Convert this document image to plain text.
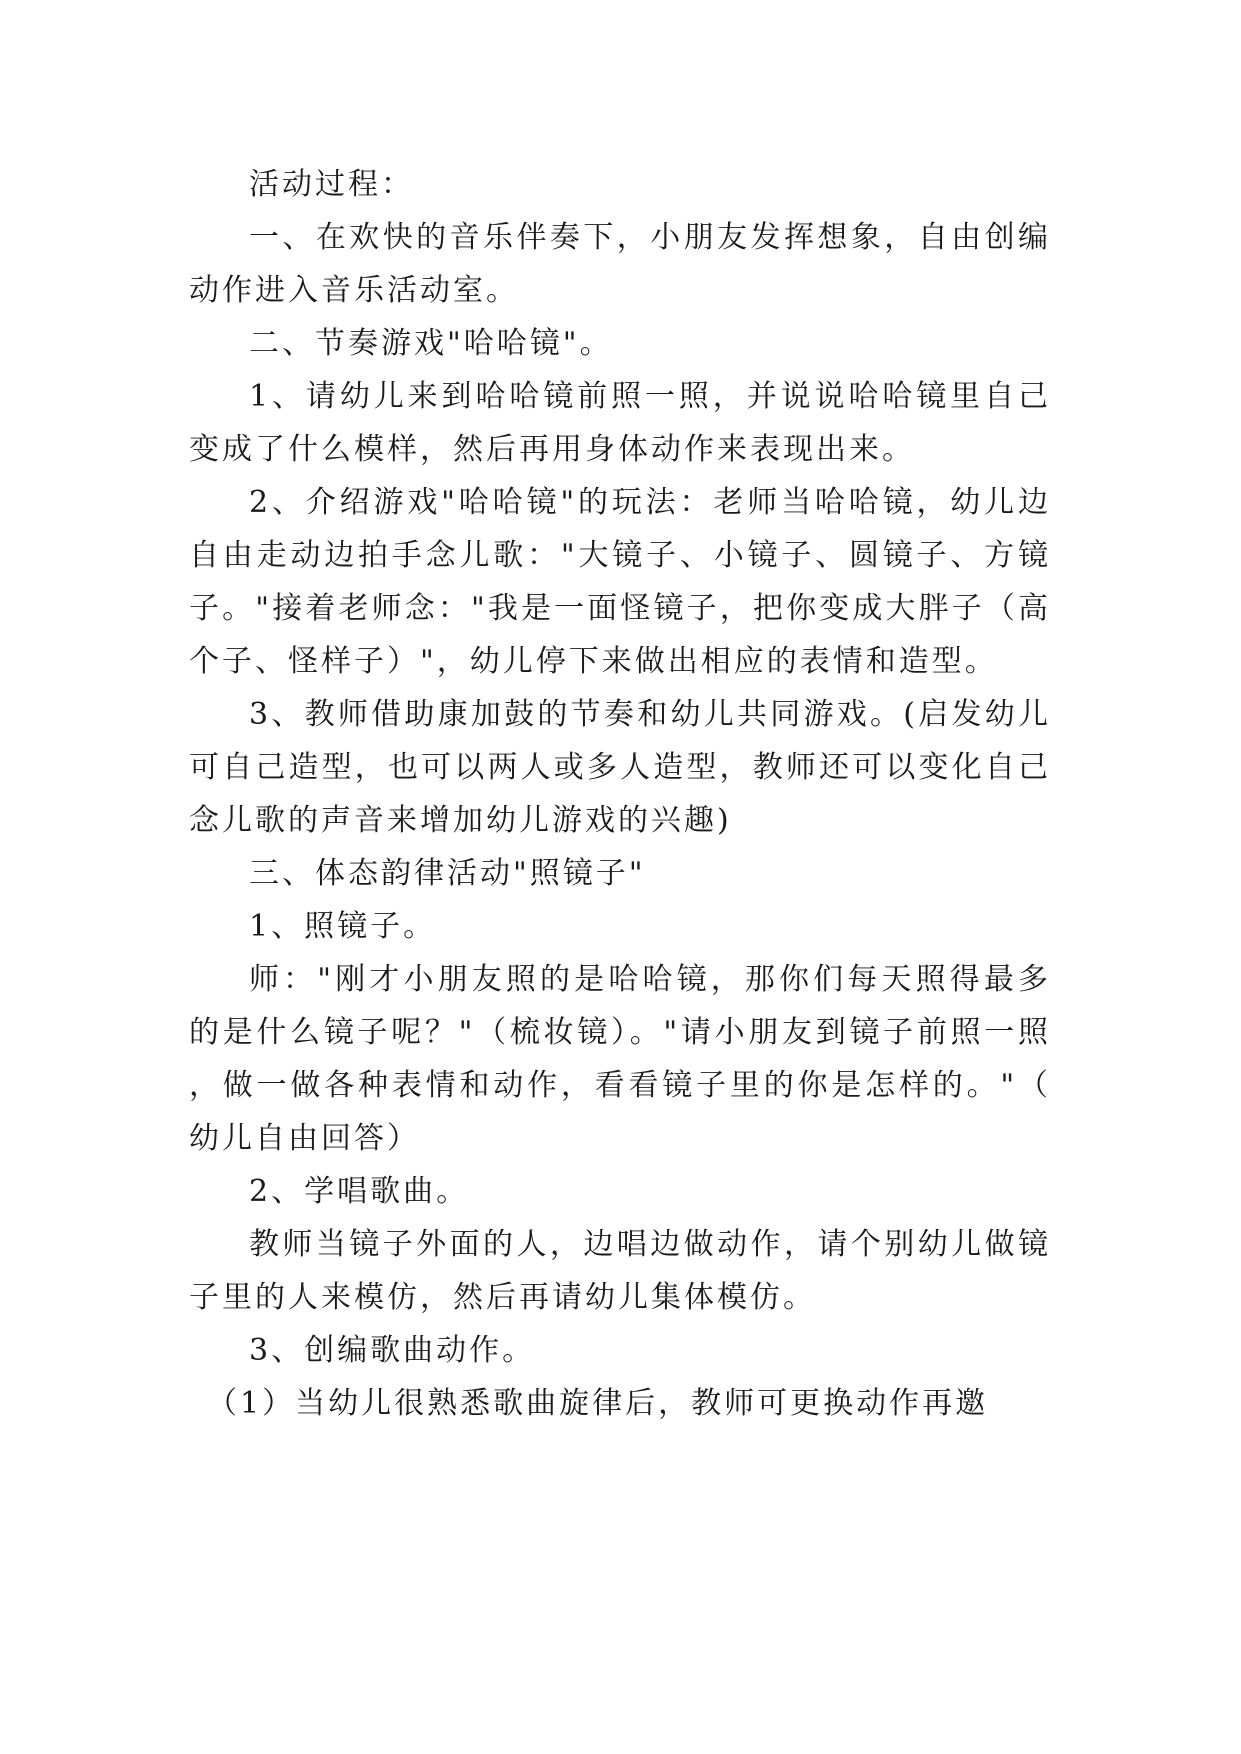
活动过程：

一、在欢快的音乐伴奏下，小朋友发挥想象，自由创编动作进入音乐活动室。

二、节奏游戏"哈哈镜"。

1、请幼儿来到哈哈镜前照一照，并说说哈哈镜里自己变成了什么模样，然后再用身体动作来表现出来。

2、介绍游戏"哈哈镜"的玩法：老师当哈哈镜，幼儿边自由走动边拍手念儿歌："大镜子、小镜子、圆镜子、方镜子。"接着老师念："我是一面怪镜子，把你变成大胖子（高个子、怪样子）"，幼儿停下来做出相应的表情和造型。

3、教师借助康加鼓的节奏和幼儿共同游戏。(启发幼儿可自己造型，也可以两人或多人造型，教师还可以变化自己念儿歌的声音来增加幼儿游戏的兴趣)

三、体态韵律活动"照镜子"

1、照镜子。

师："刚才小朋友照的是哈哈镜，那你们每天照得最多的是什么镜子呢？"（梳妆镜）。"请小朋友到镜子前照一照，做一做各种表情和动作，看看镜子里的你是怎样的。"（幼儿自由回答）

2、学唱歌曲。

教师当镜子外面的人，边唱边做动作，请个别幼儿做镜子里的人来模仿，然后再请幼儿集体模仿。

3、创编歌曲动作。

（1）当幼儿很熟悉歌曲旋律后，教师可更换动作再邀
